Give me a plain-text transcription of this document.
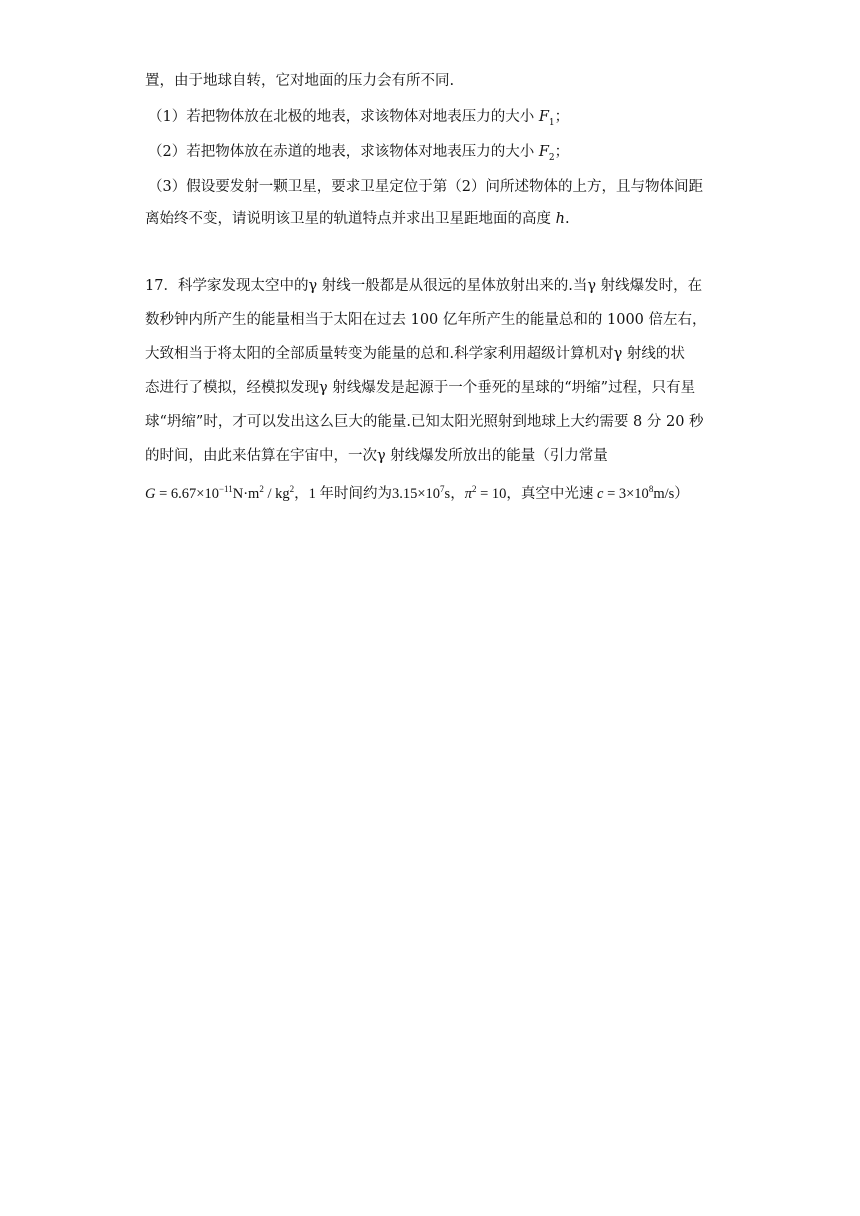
置，由于地球自转，它对地面的压力会有所不同.
（1）若把物体放在北极的地表，求该物体对地表压力的大小 $F_1$；
（2）若把物体放在赤道的地表，求该物体对地表压力的大小 $F_2$；
（3）假设要发射一颗卫星，要求卫星定位于第（2）问所述物体的上方，且与物体间距
离始终不变，请说明该卫星的轨道特点并求出卫星距地面的高度 h.
17．科学家发现太空中的γ 射线一般都是从很远的星体放射出来的.当γ 射线爆发时，在
数秒钟内所产生的能量相当于太阳在过去 100 亿年所产生的能量总和的 1000 倍左右，
大致相当于将太阳的全部质量转变为能量的总和.科学家利用超级计算机对γ 射线的状
态进行了模拟，经模拟发现γ 射线爆发是起源于一个垂死的星球的“坍缩”过程，只有星
球“坍缩”时，才可以发出这么巨大的能量.已知太阳光照射到地球上大约需要 8 分 20 秒
的时间，由此来估算在宇宙中，一次γ 射线爆发所放出的能量（引力常量
$G = 6.67\times 10^{-11}N\cdot m^2 / kg^2$，1 年时间约为$3.15\times 10^7s$，$\pi^2 = 10$，真空中光速 $c = 3\times 10^8m/s$）
